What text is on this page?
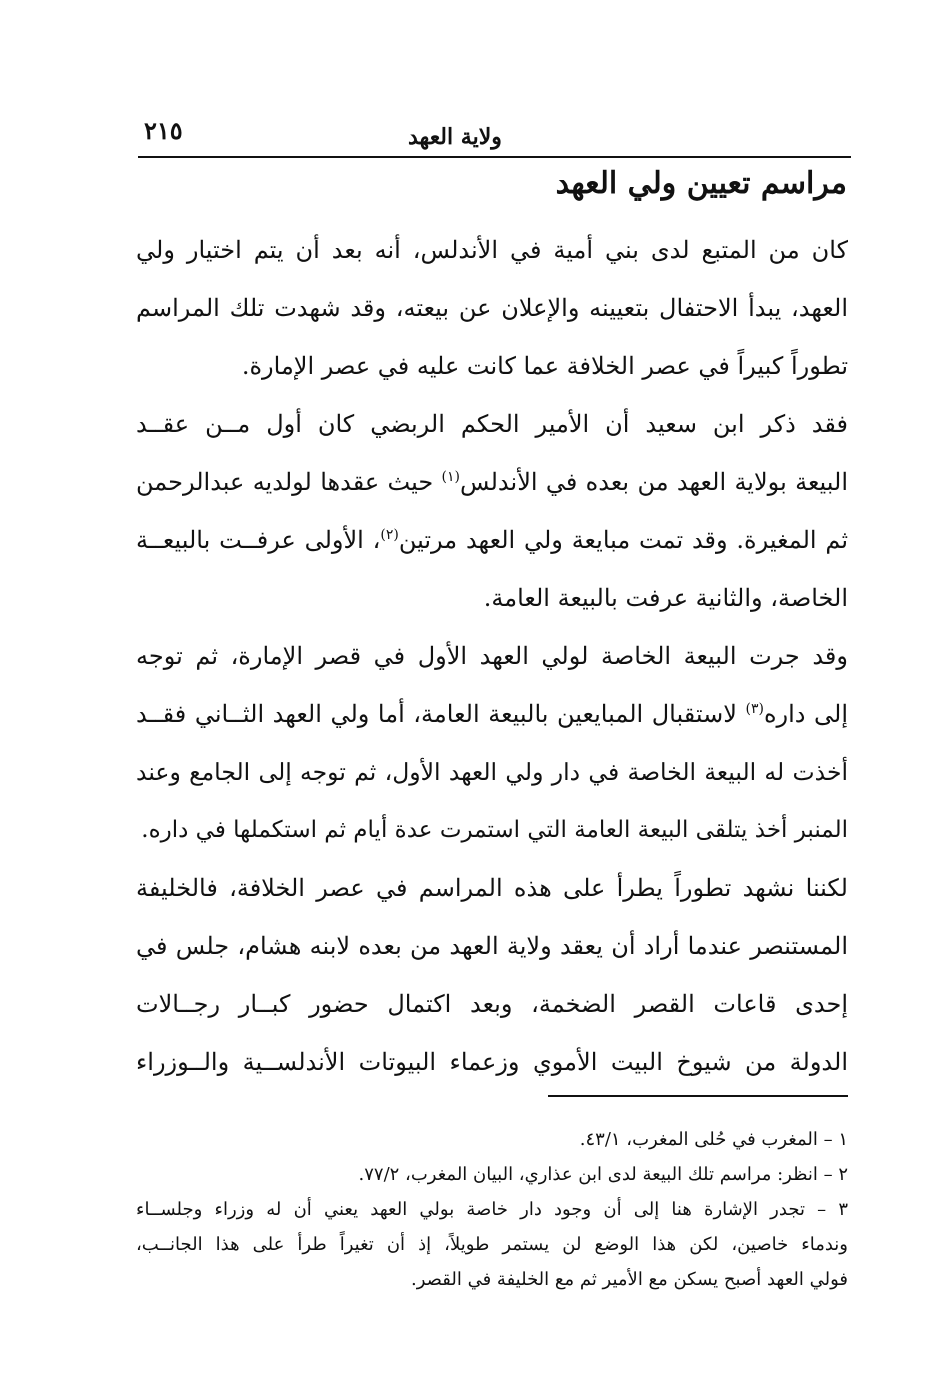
٢١٥	ولاية العهد
مراسم تعيين ولي العهد
كان من المتبع لدى بني أمية في الأندلس، أنه بعد أن يتم اختيار ولي
العهد، يبدأ الاحتفال بتعيينه والإعلان عن بيعته، وقد شهدت تلك المراسم
تطوراً كبيراً في عصر الخلافة عما كانت عليه في عصر الإمارة.
فقد ذكر ابن سعيد أن الأمير الحكم الربضي كان أول مــن عقــد
البيعة بولاية العهد من بعده في الأندلس$^{(١)}$ حيث عقدها لولديه عبدالرحمن
ثم المغيرة. وقد تمت مبايعة ولي العهد مرتين$^{(٢)}$، الأولى عرفــت بالبيعــة
الخاصة، والثانية عرفت بالبيعة العامة.
وقد جرت البيعة الخاصة لولي العهد الأول في قصر الإمارة، ثم توجه
إلى داره$^{(٣)}$ لاستقبال المبايعين بالبيعة العامة، أما ولي العهد الثــاني فقــد
أخذت له البيعة الخاصة في دار ولي العهد الأول، ثم توجه إلى الجامع وعند
المنبر أخذ يتلقى البيعة العامة التي استمرت عدة أيام ثم استكملها في داره.
لكننا نشهد تطوراً يطرأ على هذه المراسم في عصر الخلافة، فالخليفة
المستنصر عندما أراد أن يعقد ولاية العهد من بعده لابنه هشام، جلس في
إحدى قاعات القصر الضخمة، وبعد اكتمال حضور كبــار رجــالات
الدولة من شيوخ البيت الأموي وزعماء البيوتات الأندلســية والــوزراء
١ – المغرب في حُلى المغرب، ٤٣/١.
٢ – انظر: مراسم تلك البيعة لدى ابن عذاري، البيان المغرب، ٧٧/٢.
٣ – تجدر الإشارة هنا إلى أن وجود دار خاصة بولي العهد يعني أن له وزراء وجلســاء
وندماء خاصين، لكن هذا الوضع لن يستمر طويلاً، إذ أن تغيراً طرأ على هذا الجانــب،
فولي العهد أصبح يسكن مع الأمير ثم مع الخليفة في القصر.
